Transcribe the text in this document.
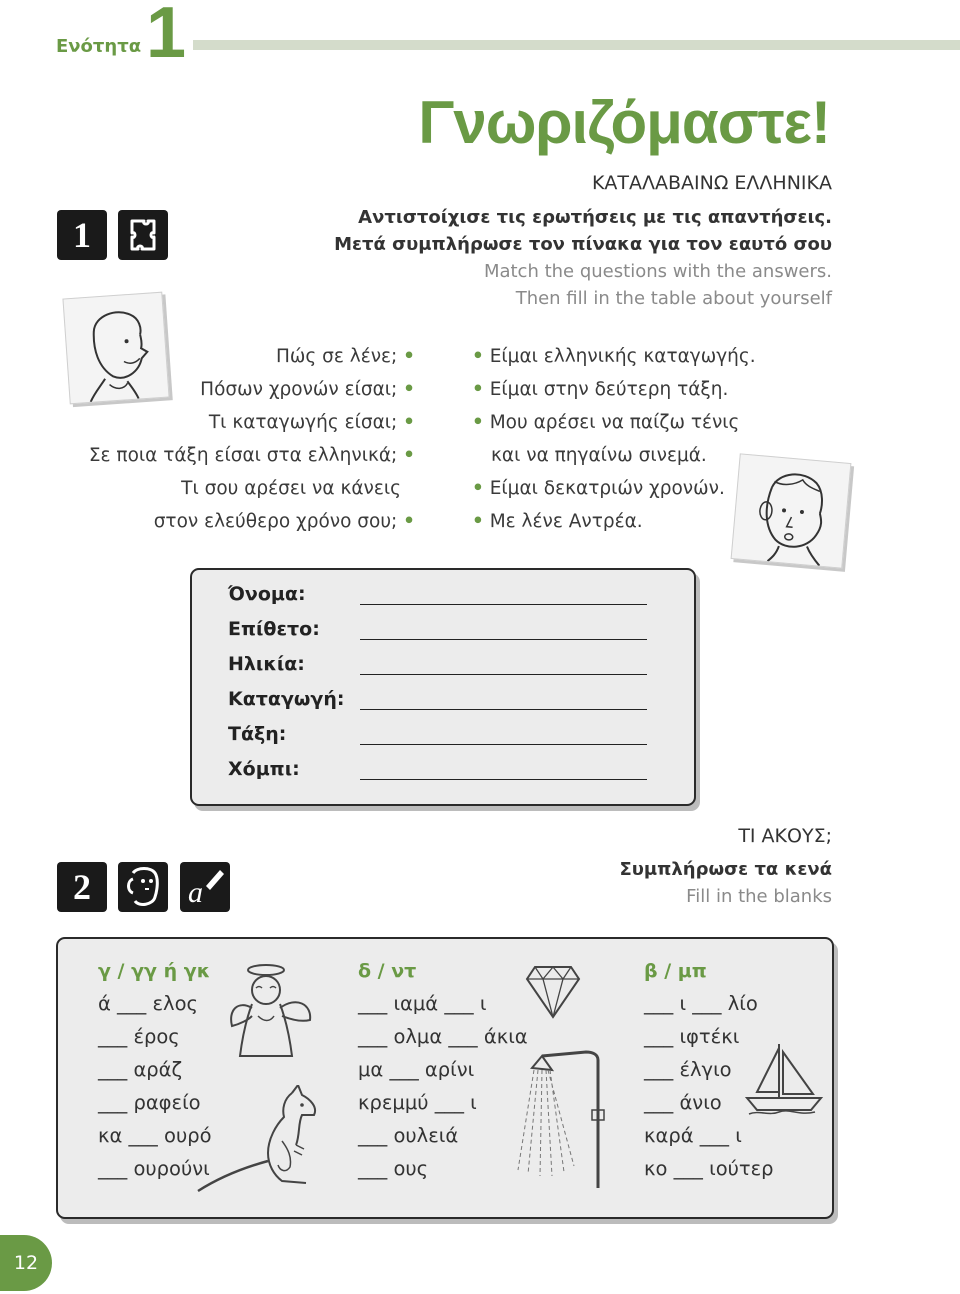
Ενότητα 1
Γνωριζόμαστε!
ΚΑΤΑΛΑΒΑΙΝΩ ΕΛΛΗΝΙΚΑ
1	Αντιστοίχισε τις ερωτήσεις με τις απαντήσεις.
Μετά συμπλήρωσε τον πίνακα για τον εαυτό σου
Match the questions with the answers.
Then fill in the table about yourself
Πώς σε λένε; •
Πόσων χρονών είσαι; •
Τι καταγωγής είσαι; •
Σε ποια τάξη είσαι στα ελληνικά; •
Τι σου αρέσει να κάνεις
στον ελεύθερο χρόνο σου; •
• Είμαι ελληνικής καταγωγής.
• Είμαι στην δεύτερη τάξη.
• Μου αρέσει να παίζω τένις
και να πηγαίνω σινεμά.
• Είμαι δεκατριών χρονών.
• Με λένε Αντρέα.
Όνομα:
Επίθετο:
Ηλικία:
Καταγωγή:
Τάξη:
Χόμπι:
ΤΙ ΑΚΟΥΣ;
2	a
Συμπλήρωσε τα κενά
Fill in the blanks
γ / γγ ή γκ
ά ___ ελος
___ έρος
___ αράζ
___ ραφείο
κα ___ ουρό
___ ουρούνι
δ / ντ
___ ιαμά ___ ι
___ ολμα ___ άκια
μα ___ αρίνι
κρεμμύ ___ ι
___ ουλειά
___ ους
β / μπ
___ ι ___ λίο
___ ιφτέκι
___ έλγιο
___ άνιο
καρά ___ ι
κο ___ ιούτερ
12
